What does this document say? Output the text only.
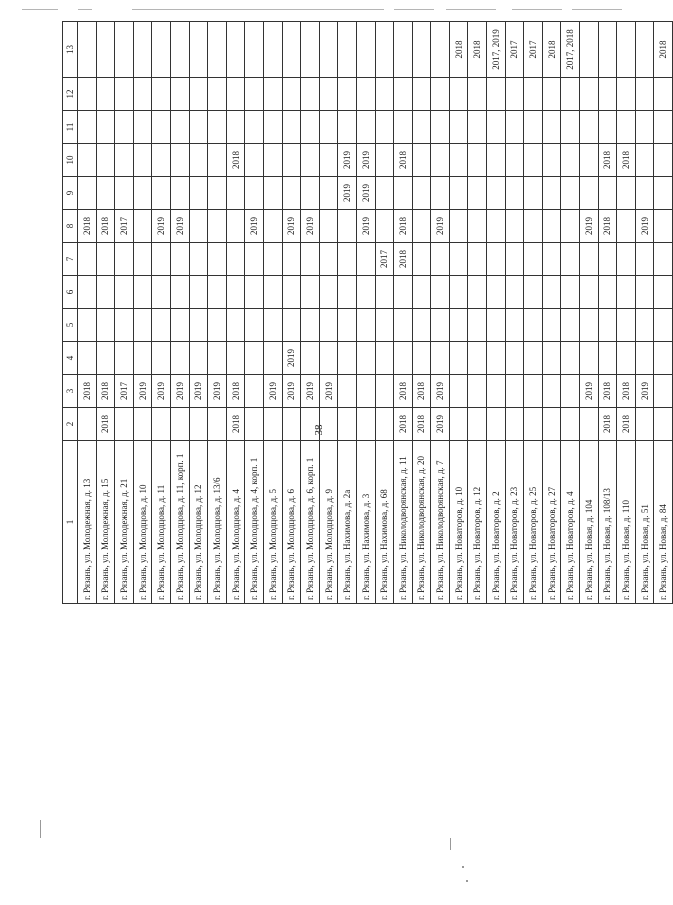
38
1	2	3	4	5	6	7	8	9	10	11	12	13
г. Рязань, ул. Молодежная, д. 13		2018					2018					
г. Рязань, ул. Молодежная, д. 15	2018	2018					2018					
г. Рязань, ул. Молодежная, д. 21		2017					2017					
г. Рязань, ул. Молодцова, д. 10		2019										
г. Рязань, ул. Молодцова, д. 11		2019					2019					
г. Рязань, ул. Молодцова, д. 11, корп. 1		2019					2019					
г. Рязань, ул. Молодцова, д. 12		2019										
г. Рязань, ул. Молодцова, д. 13/6		2019										
г. Рязань, ул. Молодцова, д. 4	2018	2018							2018			
г. Рязань, ул. Молодцова, д. 4, корп. 1							2019					
г. Рязань, ул. Молодцова, д. 5		2019										
г. Рязань, ул. Молодцова, д. 6		2019	2019				2019					
г. Рязань, ул. Молодцова, д. 6, корп. 1		2019					2019					
г. Рязань, ул. Молодцова, д. 9		2019										
г. Рязань, ул. Нахимова, д. 2а								2019	2019			
г. Рязань, ул. Нахимова, д. 3							2019	2019	2019			
г. Рязань, ул. Нахимова, д. 68						2017						
г. Рязань, ул. Николодворянская, д. 11	2018	2018				2018	2018		2018			
г. Рязань, ул. Николодворянская, д. 20	2018	2018										
г. Рязань, ул. Николодворянская, д. 7	2019	2019					2019					
г. Рязань, ул. Новаторов, д. 10												2018
г. Рязань, ул. Новаторов, д. 12												2018
г. Рязань, ул. Новаторов, д. 2												2017, 2019
г. Рязань, ул. Новаторов, д. 23												2017
г. Рязань, ул. Новаторов, д. 25												2017
г. Рязань, ул. Новаторов, д. 27												2018
г. Рязань, ул. Новаторов, д. 4												2017, 2018
г. Рязань, ул. Новая, д. 104		2019					2019					
г. Рязань, ул. Новая, д. 108/13	2018	2018					2018		2018			
г. Рязань, ул. Новая, д. 110	2018	2018							2018			
г. Рязань, ул. Новая, д. 51		2019					2019					
г. Рязань, ул. Новая, д. 84												2018
